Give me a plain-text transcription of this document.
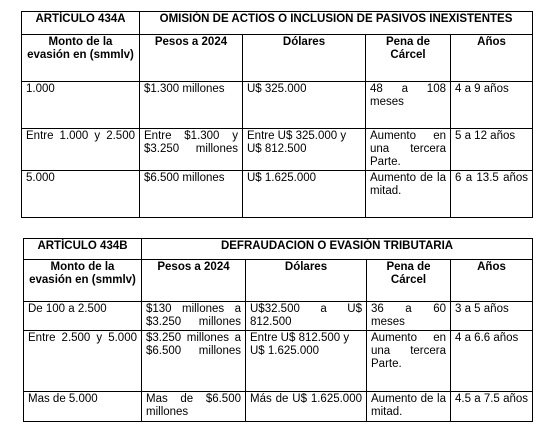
ARTÍCULO 434A	OMISIÓN DE ACTIOS O INCLUSION DE PASIVOS INEXISTENTES			
Monto de la evasión en (smmlv)	Pesos a 2024	Dólares	Pena de Cárcel	Años
1.000	$1.300 millones	U$ 325.000	48 a 108 meses	4 a 9 años
Entre 1.000 y 2.500	Entre $1.300 y $3.250 millones	Entre U$ 325.000 y U$ 812.500	Aumento en una tercera Parte.	5 a 12 años
5.000	$6.500 millones	U$ 1.625.000	Aumento de la mitad.	6 a 13.5 años
ARTÍCULO 434B	DEFRAUDACION O EVASIÓN TRIBUTARIA			
Monto de la evasión en (smmlv)	Pesos a 2024	Dólares	Pena de Cárcel	Años
De 100 a 2.500	$130 millones a $3.250 millones	U$32.500 a U$ 812.500	36 a 60 meses	3 a 5 años
Entre 2.500 y 5.000	$3.250 millones a $6.500 millones	Entre U$ 812.500 y U$ 1.625.000	Aumento en una tercera Parte.	4 a 6.6 años
Mas de 5.000	Mas de $6.500 millones	Más de U$ 1.625.000	Aumento de la mitad.	4.5 a 7.5 años
